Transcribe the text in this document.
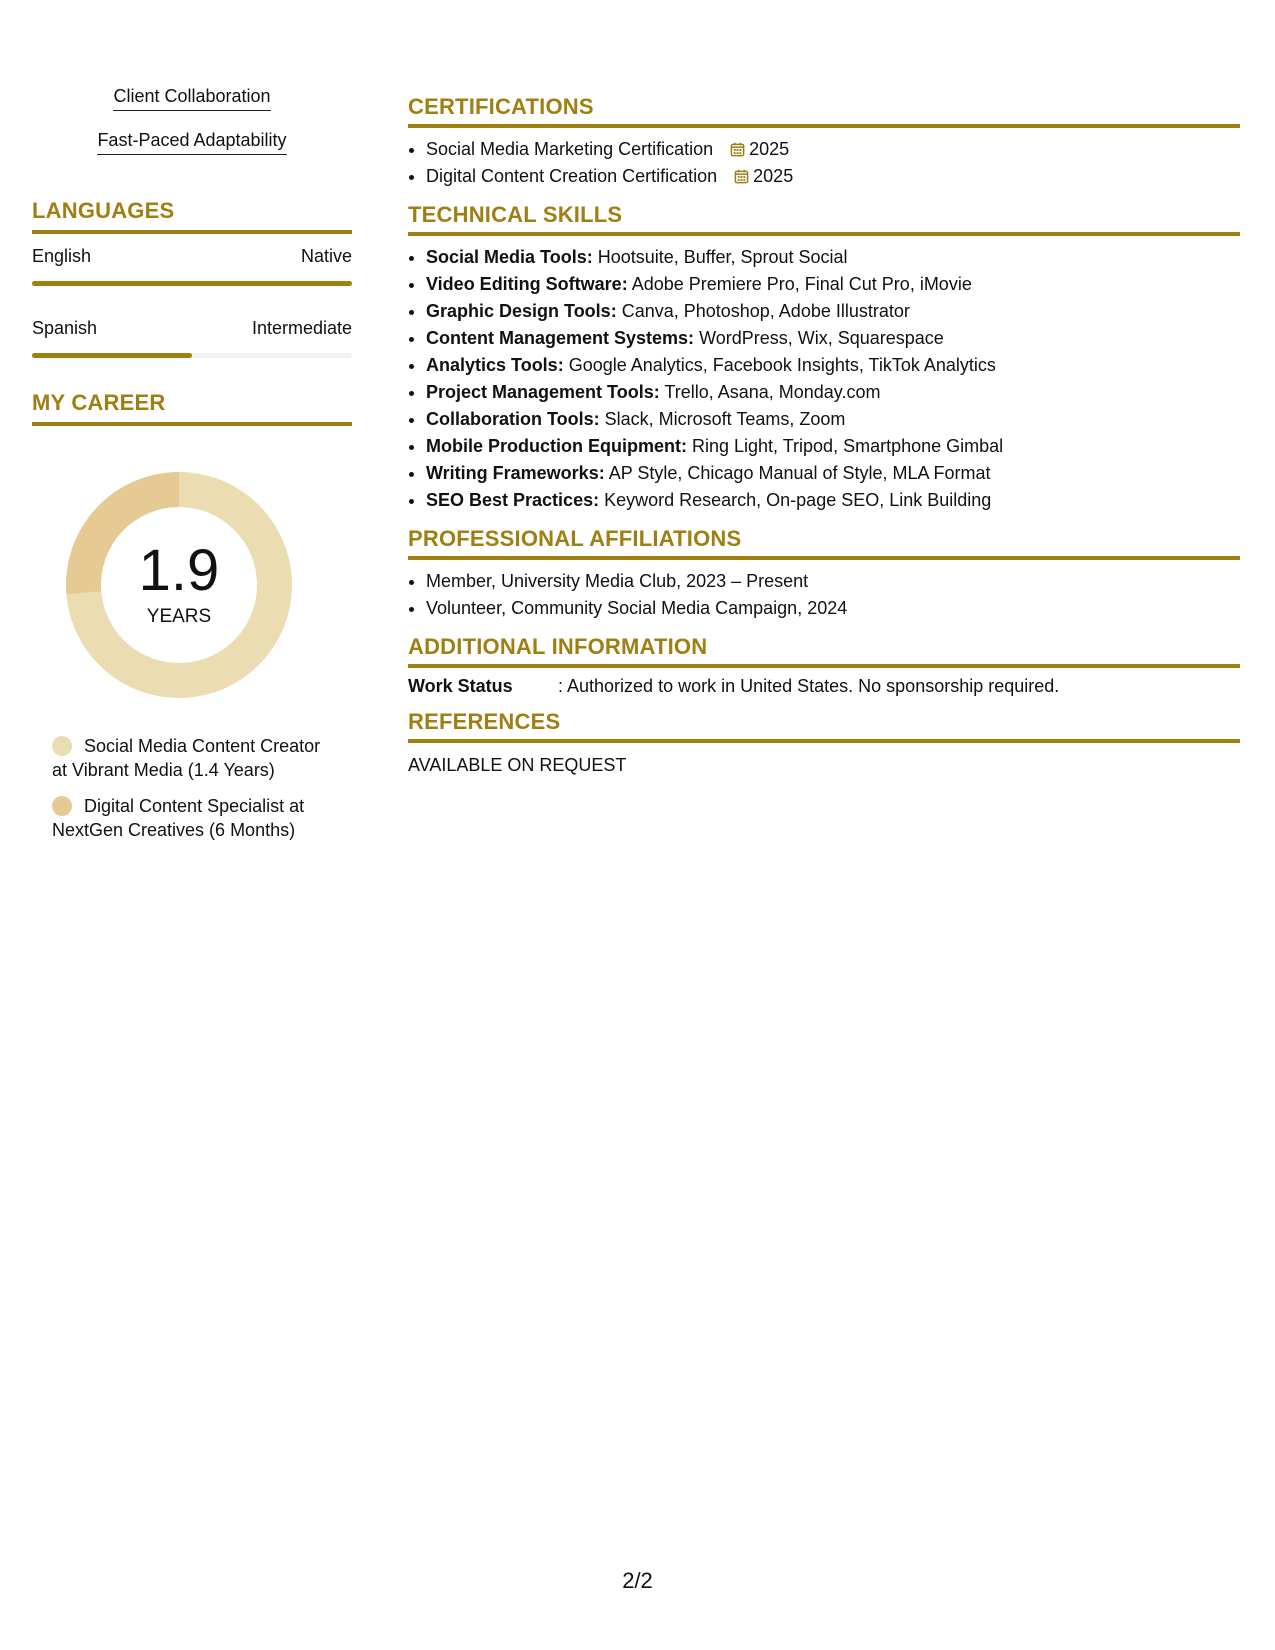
Client Collaboration
Fast-Paced Adaptability
LANGUAGES
English	Native
Spanish	Intermediate
MY CAREER
1.9
YEARS
Social Media Content Creator at Vibrant Media (1.4 Years)
Digital Content Specialist at NextGen Creatives (6 Months)
CERTIFICATIONS
• Social Media Marketing Certification 2025
• Digital Content Creation Certification 2025
TECHNICAL SKILLS
• Social Media Tools: Hootsuite, Buffer, Sprout Social
• Video Editing Software: Adobe Premiere Pro, Final Cut Pro, iMovie
• Graphic Design Tools: Canva, Photoshop, Adobe Illustrator
• Content Management Systems: WordPress, Wix, Squarespace
• Analytics Tools: Google Analytics, Facebook Insights, TikTok Analytics
• Project Management Tools: Trello, Asana, Monday.com
• Collaboration Tools: Slack, Microsoft Teams, Zoom
• Mobile Production Equipment: Ring Light, Tripod, Smartphone Gimbal
• Writing Frameworks: AP Style, Chicago Manual of Style, MLA Format
• SEO Best Practices: Keyword Research, On-page SEO, Link Building
PROFESSIONAL AFFILIATIONS
• Member, University Media Club, 2023 – Present
• Volunteer, Community Social Media Campaign, 2024
ADDITIONAL INFORMATION
Work Status	: Authorized to work in United States. No sponsorship required.
REFERENCES
AVAILABLE ON REQUEST
2/2
